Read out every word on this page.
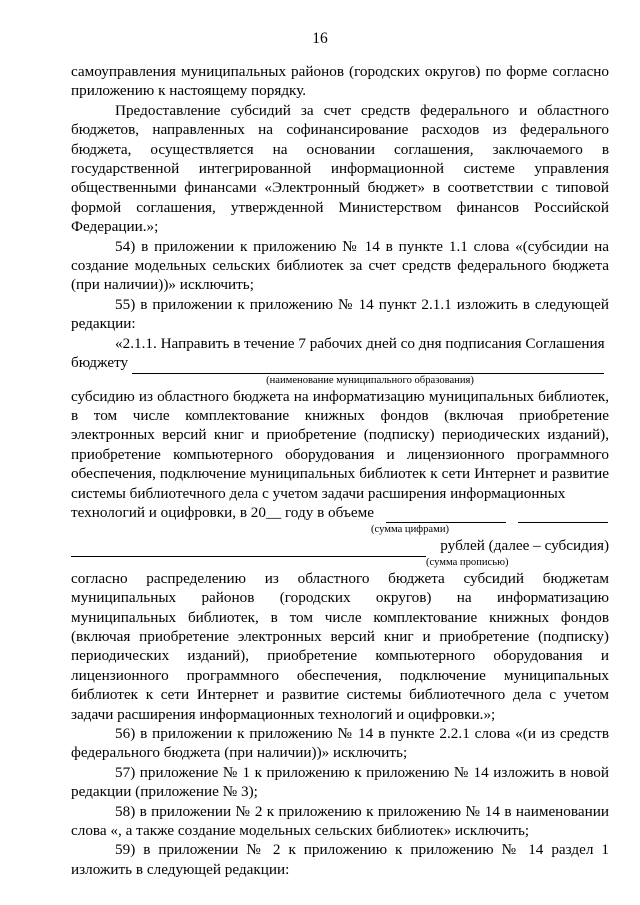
16

самоуправления муниципальных районов (городских округов) по форме согласно приложению к настоящему порядку.

Предоставление субсидий за счет средств федерального и областного бюджетов, направленных на софинансирование расходов из федерального бюджета, осуществляется на основании соглашения, заключаемого в государственной интегрированной информационной системе управления общественными финансами «Электронный бюджет» в соответствии с типовой формой соглашения, утвержденной Министерством финансов Российской Федерации.»;

54) в приложении к приложению № 14 в пункте 1.1 слова «(субсидии на создание модельных сельских библиотек за счет средств федерального бюджета (при наличии))» исключить;

55) в приложении к приложению № 14 пункт 2.1.1 изложить в следующей редакции:

«2.1.1. Направить в течение 7 рабочих дней со дня подписания Соглашения

бюджету
(наименование муниципального образования)

субсидию из областного бюджета на информатизацию муниципальных библиотек, в том числе комплектование книжных фондов (включая приобретение электронных версий книг и приобретение (подписку) периодических изданий), приобретение компьютерного оборудования и лицензионного программного обеспечения, подключение муниципальных библиотек к сети Интернет и развитие системы библиотечного дела с учетом задачи расширения информационных

технологий и оцифровки, в 20__ году в объеме
(сумма цифрами)

рублей (далее – субсидия)
(сумма прописью)

согласно распределению из областного бюджета субсидий бюджетам муниципальных районов (городских округов) на информатизацию муниципальных библиотек, в том числе комплектование книжных фондов (включая приобретение электронных версий книг и приобретение (подписку) периодических изданий), приобретение компьютерного оборудования и лицензионного программного обеспечения, подключение муниципальных библиотек к сети Интернет и развитие системы библиотечного дела с учетом задачи расширения информационных технологий и оцифровки.»;

56) в приложении к приложению № 14 в пункте 2.2.1 слова «(и из средств федерального бюджета (при наличии))» исключить;

57) приложение № 1 к приложению к приложению № 14 изложить в новой редакции (приложение № 3);

58) в приложении № 2 к приложению к приложению № 14 в наименовании слова «, а также создание модельных сельских библиотек» исключить;

59) в приложении № 2 к приложению к приложению № 14 раздел 1 изложить в следующей редакции:
